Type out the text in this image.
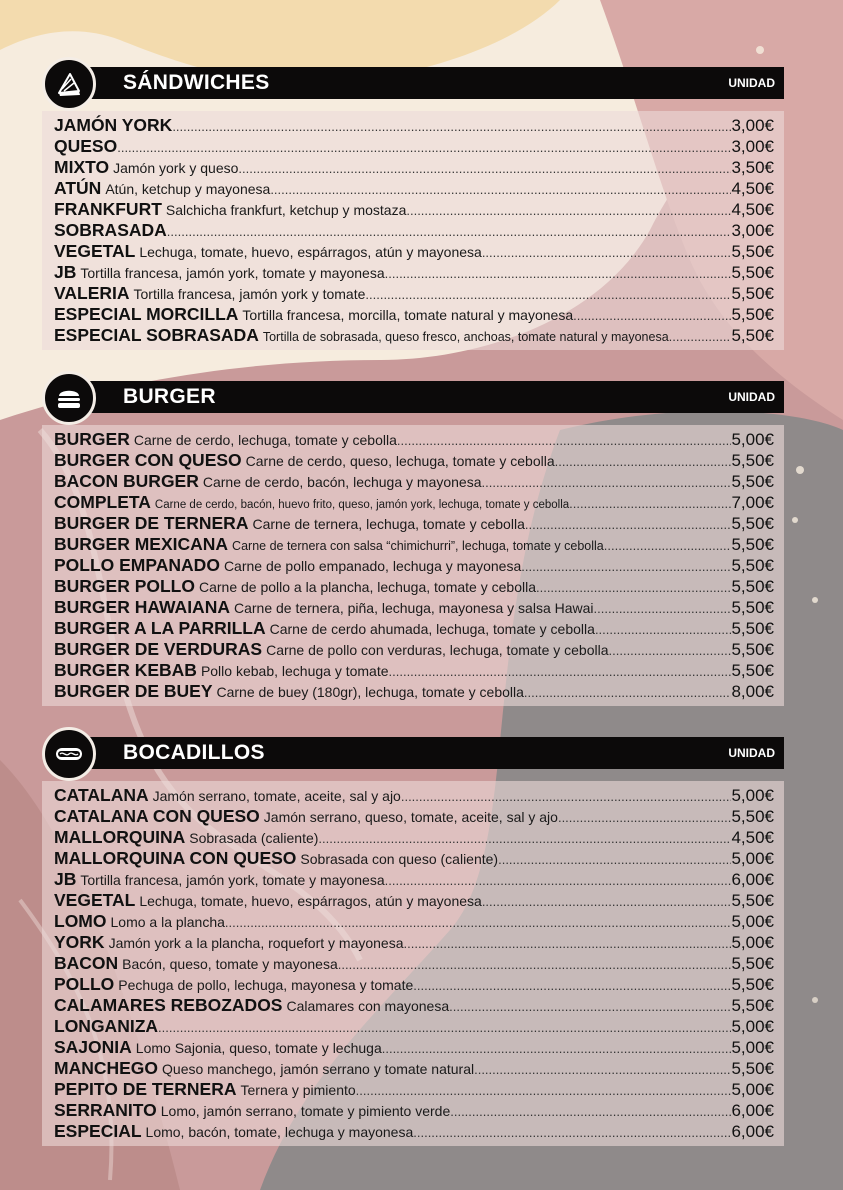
SÁNDWICHES	UNIDAD
JAMÓN YORK .....	3,00€
QUESO .....	3,00€
MIXTO Jamón york y queso .....	3,50€
ATÚN Atún, ketchup y mayonesa .....	4,50€
FRANKFURT Salchicha frankfurt, ketchup y mostaza .....	4,50€
SOBRASADA .....	3,00€
VEGETAL Lechuga, tomate, huevo, espárragos, atún y mayonesa .....	5,50€
JB Tortilla francesa, jamón york, tomate y mayonesa .....	5,50€
VALERIA Tortilla francesa, jamón york y tomate .....	5,50€
ESPECIAL MORCILLA Tortilla francesa, morcilla, tomate natural y mayonesa .....	5,50€
ESPECIAL SOBRASADA Tortilla de sobrasada, queso fresco, anchoas, tomate natural y mayonesa .....	5,50€
BURGER	UNIDAD
BURGER Carne de cerdo, lechuga, tomate y cebolla .....	5,00€
BURGER CON QUESO Carne de cerdo, queso, lechuga, tomate y cebolla .....	5,50€
BACON BURGER Carne de cerdo, bacón, lechuga y mayonesa .....	5,50€
COMPLETA Carne de cerdo, bacón, huevo frito, queso, jamón york, lechuga, tomate y cebolla .....	7,00€
BURGER DE TERNERA Carne de ternera, lechuga, tomate y cebolla .....	5,50€
BURGER MEXICANA Carne de ternera con salsa “chimichurri”, lechuga, tomate y cebolla .....	5,50€
POLLO EMPANADO Carne de pollo empanado, lechuga y mayonesa .....	5,50€
BURGER POLLO Carne de pollo a la plancha, lechuga, tomate y cebolla .....	5,50€
BURGER HAWAIANA Carne de ternera, piña, lechuga, mayonesa y salsa Hawai .....	5,50€
BURGER A LA PARRILLA Carne de cerdo ahumada, lechuga, tomate y cebolla .....	5,50€
BURGER DE VERDURAS Carne de pollo con verduras, lechuga, tomate y cebolla .....	5,50€
BURGER KEBAB Pollo kebab, lechuga y tomate .....	5,50€
BURGER DE BUEY Carne de buey (180gr), lechuga, tomate y cebolla .....	8,00€
BOCADILLOS	UNIDAD
CATALANA Jamón serrano, tomate, aceite, sal y ajo .....	5,00€
CATALANA CON QUESO Jamón serrano, queso, tomate, aceite, sal y ajo .....	5,50€
MALLORQUINA Sobrasada (caliente) .....	4,50€
MALLORQUINA CON QUESO Sobrasada con queso (caliente) .....	5,00€
JB Tortilla francesa, jamón york, tomate y mayonesa .....	6,00€
VEGETAL Lechuga, tomate, huevo, espárragos, atún y mayonesa .....	5,50€
LOMO Lomo a la plancha .....	5,00€
YORK Jamón york a la plancha, roquefort y mayonesa .....	5,00€
BACON Bacón, queso, tomate y mayonesa .....	5,50€
POLLO Pechuga de pollo, lechuga, mayonesa y tomate .....	5,50€
CALAMARES REBOZADOS Calamares con mayonesa .....	5,50€
LONGANIZA .....	5,00€
SAJONIA Lomo Sajonia, queso, tomate y lechuga .....	5,00€
MANCHEGO Queso manchego, jamón serrano y tomate natural .....	5,50€
PEPITO DE TERNERA Ternera y pimiento .....	5,00€
SERRANITO Lomo, jamón serrano, tomate y pimiento verde .....	6,00€
ESPECIAL Lomo, bacón, tomate, lechuga y mayonesa .....	6,00€
